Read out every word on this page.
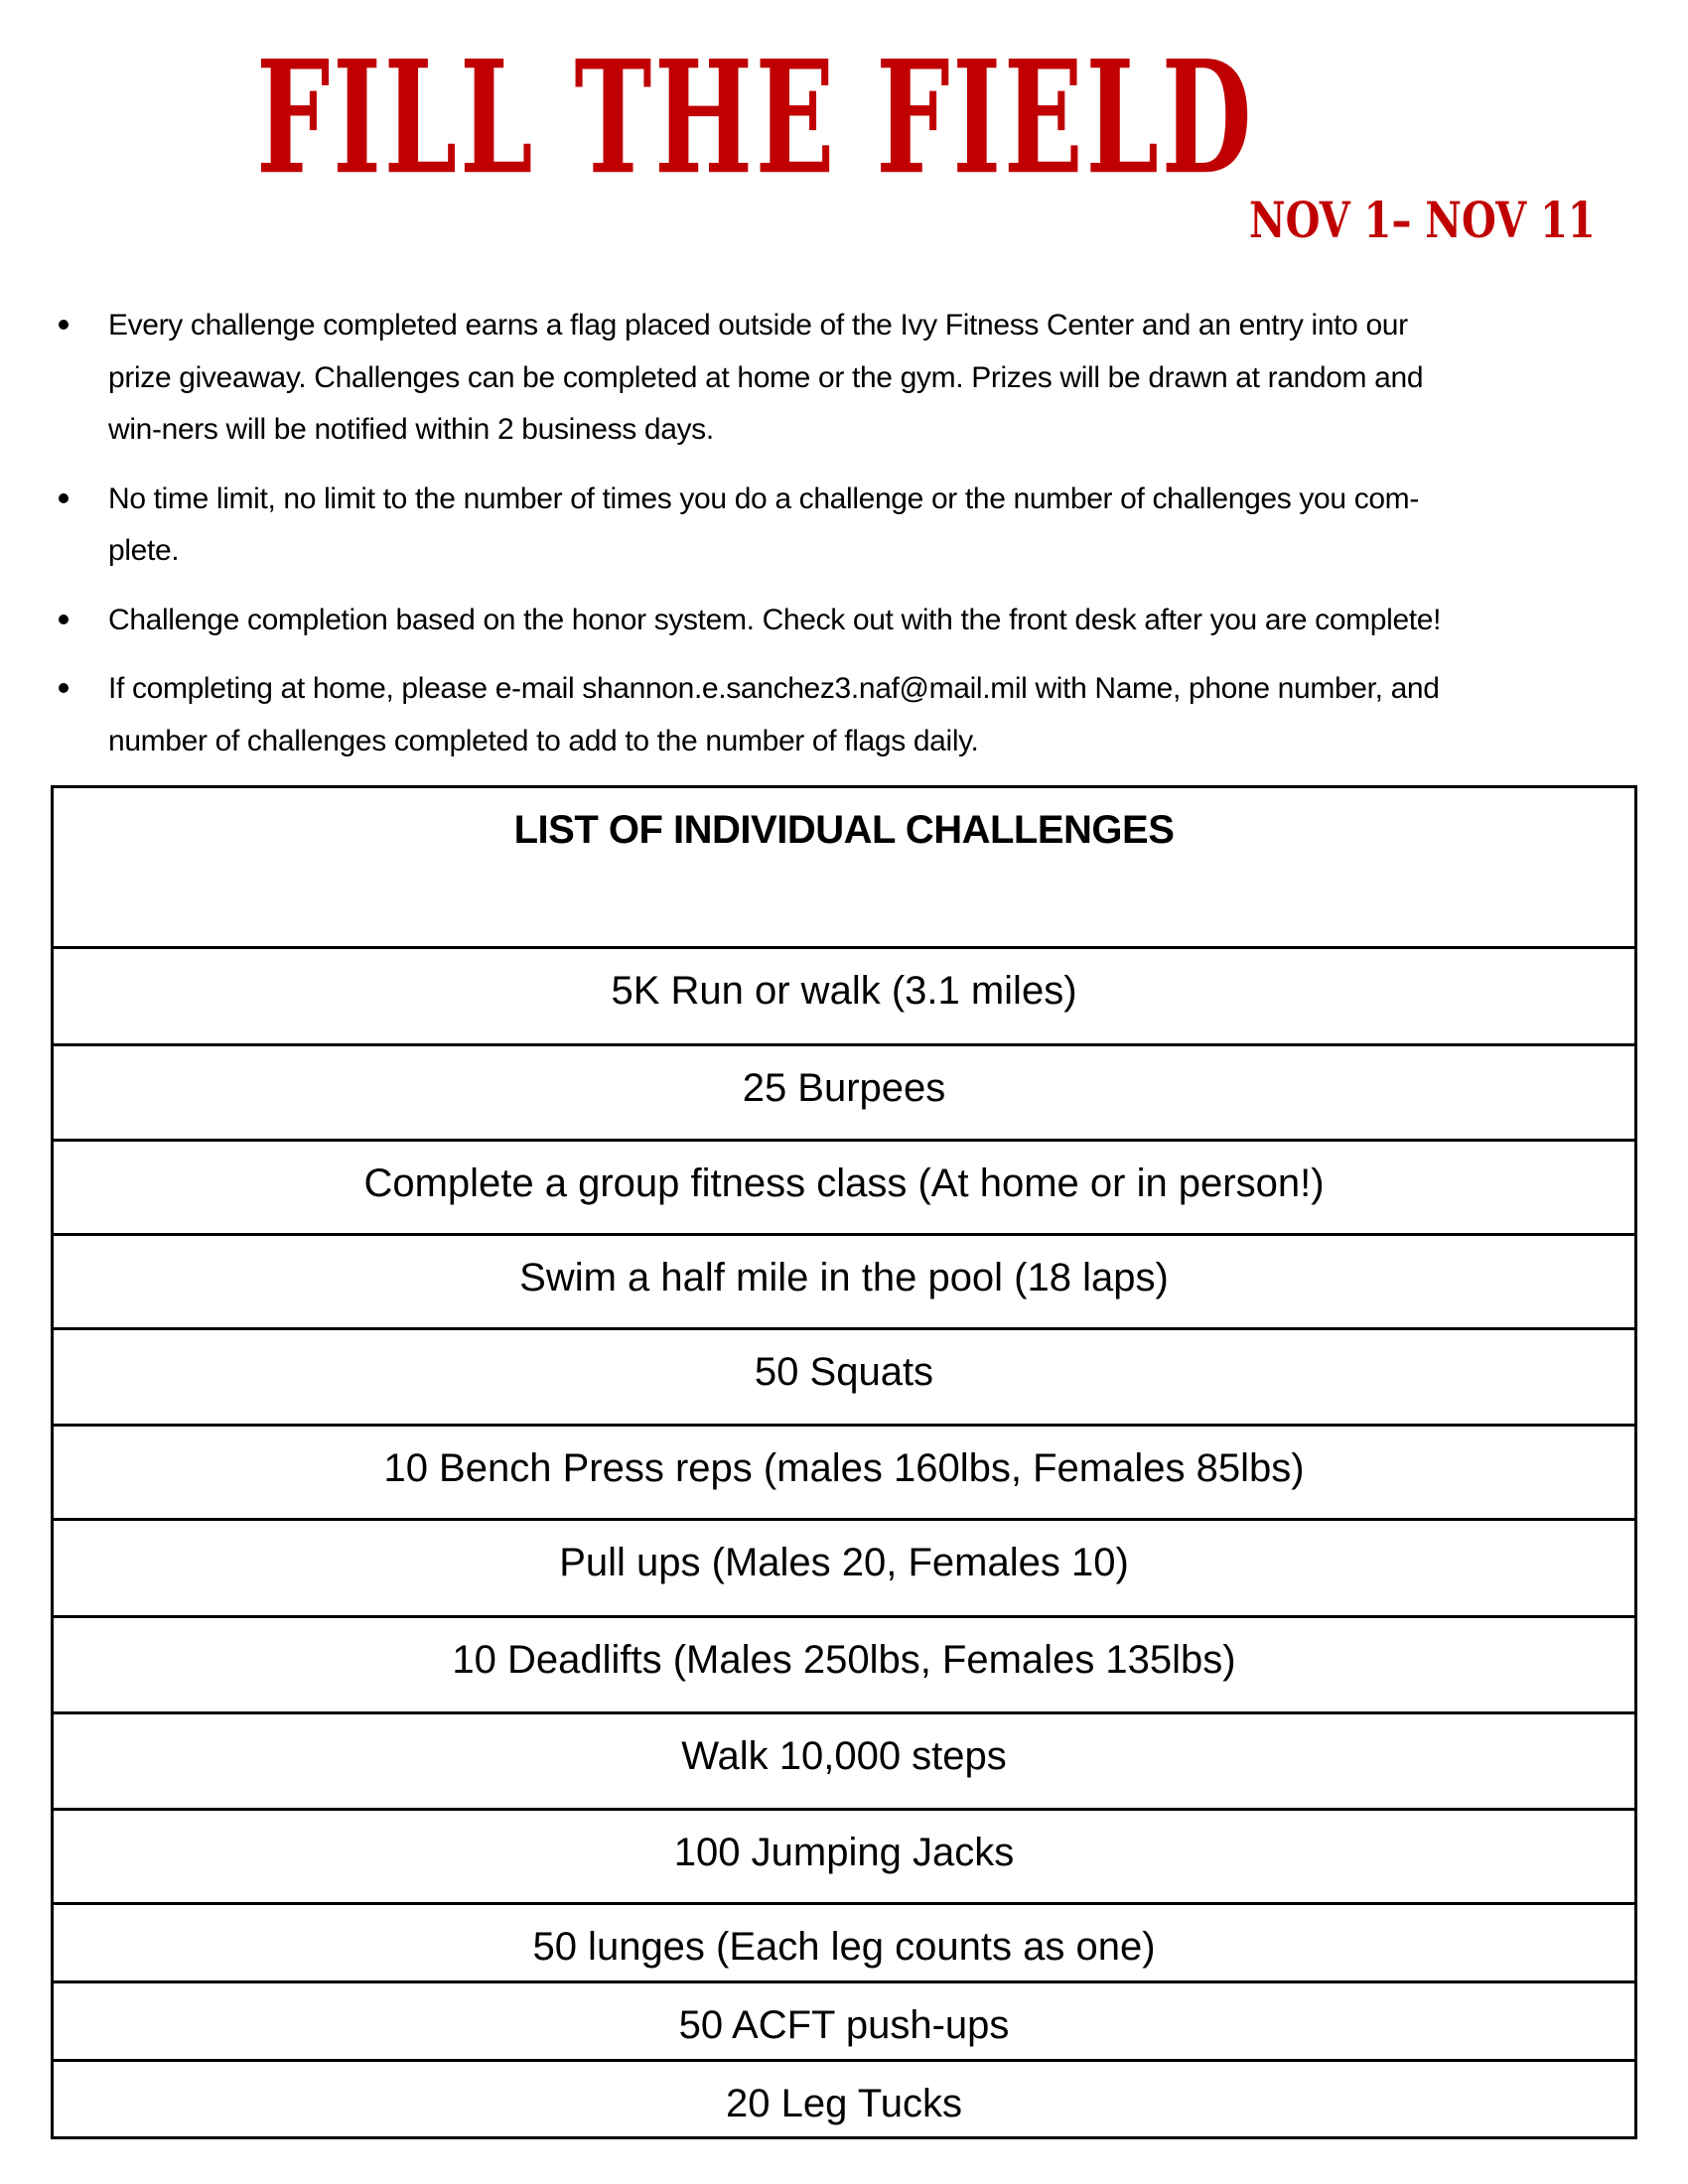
FILL THE FIELD
NOV 1– NOV 11
Every challenge completed earns a flag placed outside of the Ivy Fitness Center and an entry into our
prize giveaway. Challenges can be completed at home or the gym. Prizes will be drawn at random and
win-ners will be notified within 2 business days.
No time limit, no limit to the number of times you do a challenge or the number of challenges you com-
plete.
Challenge completion based on the honor system. Check out with the front desk after you are complete!
If completing at home, please e-mail shannon.e.sanchez3.naf@mail.mil with Name, phone number, and
number of challenges completed to add to the number of flags daily.
LIST OF INDIVIDUAL CHALLENGES
5K Run or walk (3.1 miles)
25 Burpees
Complete a group fitness class (At home or in person!)
Swim a half mile in the pool (18 laps)
50 Squats
10 Bench Press reps (males 160lbs, Females 85lbs)
Pull ups (Males 20, Females 10)
10 Deadlifts (Males 250lbs, Females 135lbs)
Walk 10,000 steps
100 Jumping Jacks
50 lunges (Each leg counts as one)
50 ACFT push-ups
20 Leg Tucks
